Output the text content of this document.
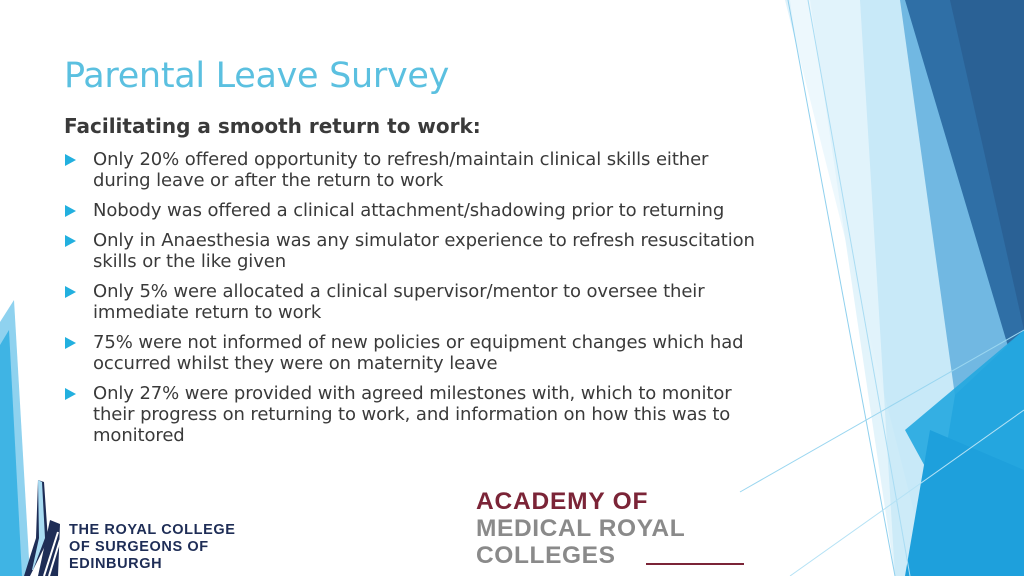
Parental Leave Survey
Facilitating a smooth return to work:
Only 20% offered opportunity to refresh/maintain clinical skills either during leave or after the return to work
Nobody was offered a clinical attachment/shadowing prior to returning
Only in Anaesthesia was any simulator experience to refresh resuscitation skills or the like given
Only 5% were allocated a clinical supervisor/mentor to oversee their immediate return to work
75% were not informed of new policies or equipment changes which had occurred whilst they were on maternity leave
Only 27% were provided with agreed milestones with, which to monitor their progress on returning to work, and information on how this was to monitored
THE ROYAL COLLEGE
OF SURGEONS OF
EDINBURGH
ACADEMY OF
MEDICAL ROYAL
COLLEGES
